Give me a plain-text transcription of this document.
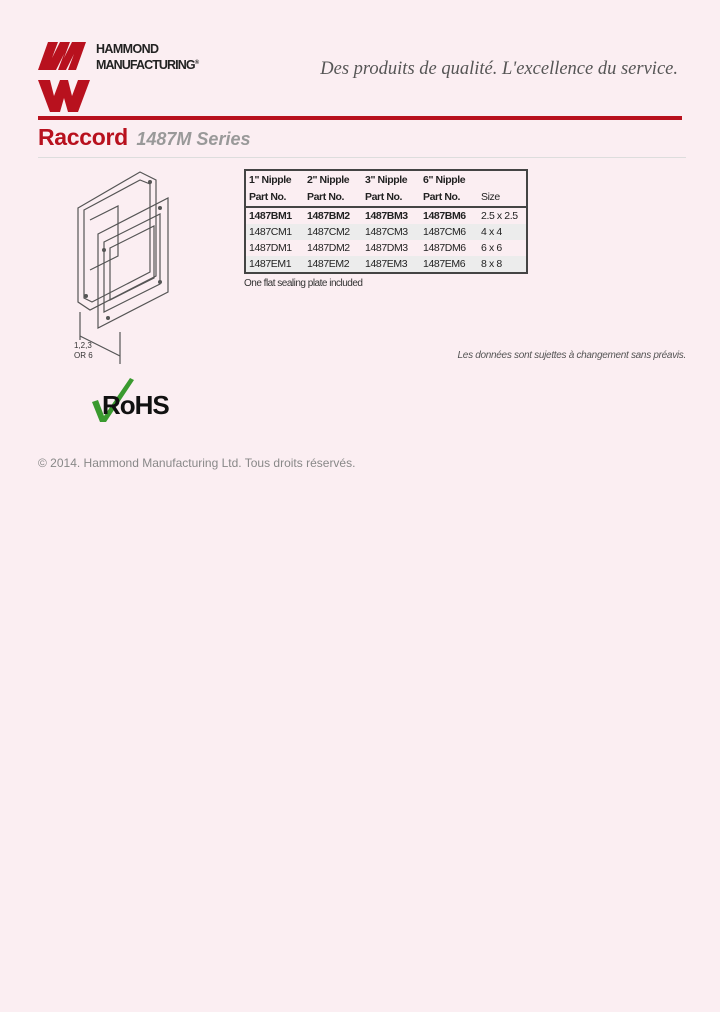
HAMMOND
MANUFACTURING®	Des produits de qualité. L'excellence du service.
Raccord 1487M Series
1,2,3
OR 6
1" Nipple	2" Nipple	3" Nipple	6" Nipple	
Part No.	Part No.	Part No.	Part No.	Size
1487BM1	1487BM2	1487BM3	1487BM6	2.5 x 2.5
1487CM1	1487CM2	1487CM3	1487CM6	4 x 4
1487DM1	1487DM2	1487DM3	1487DM6	6 x 6
1487EM1	1487EM2	1487EM3	1487EM6	8 x 8
One flat sealing plate included
Les données sont sujettes à changement sans préavis.
RoHS
© 2014. Hammond Manufacturing Ltd. Tous droits réservés.
